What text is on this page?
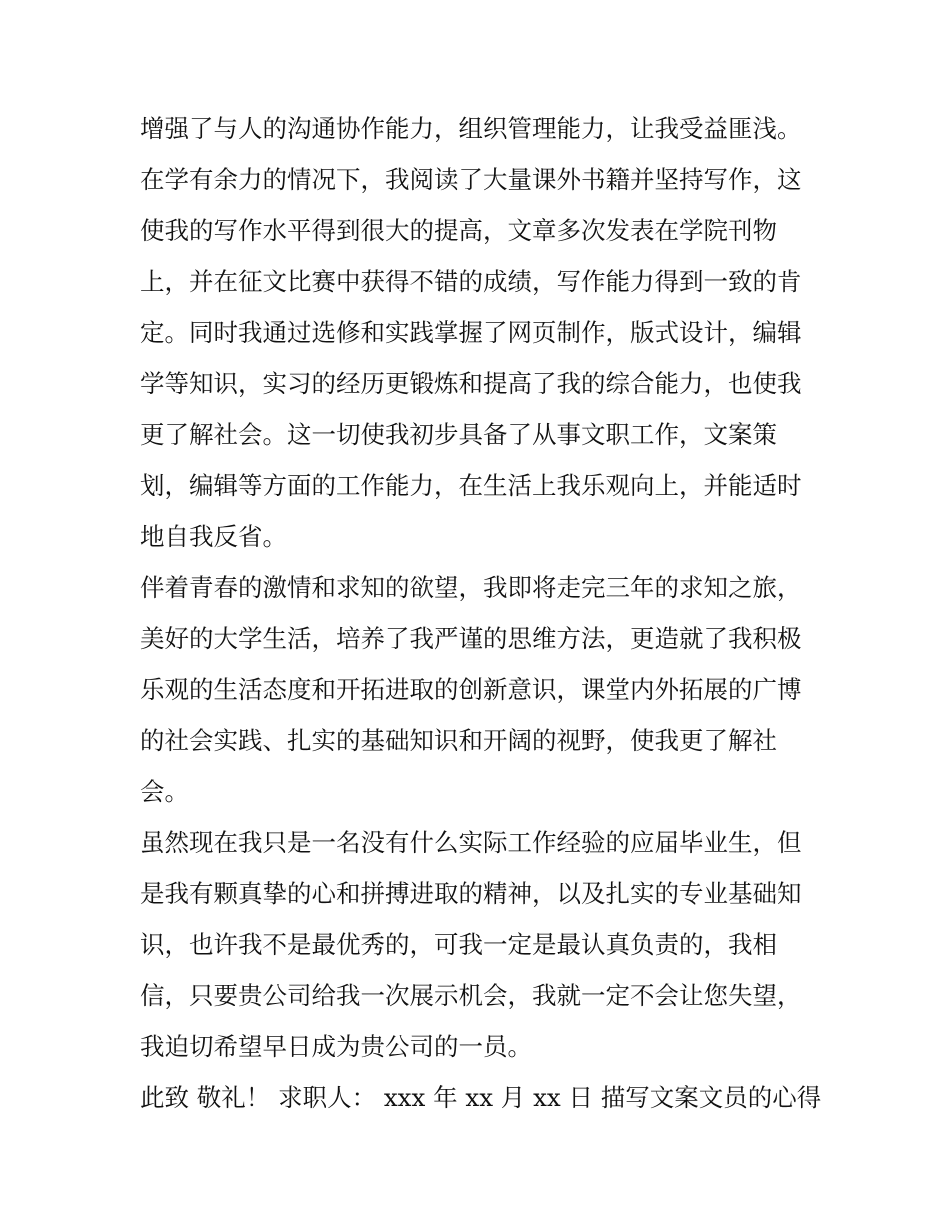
增强了与人的沟通协作能力，组织管理能力，让我受益匪浅。
在学有余力的情况下，我阅读了大量课外书籍并坚持写作，这
使我的写作水平得到很大的提高，文章多次发表在学院刊物
上，并在征文比赛中获得不错的成绩，写作能力得到一致的肯
定。同时我通过选修和实践掌握了网页制作，版式设计，编辑
学等知识，实习的经历更锻炼和提高了我的综合能力，也使我
更了解社会。这一切使我初步具备了从事文职工作，文案策
划，编辑等方面的工作能力，在生活上我乐观向上，并能适时
地自我反省。
伴着青春的激情和求知的欲望，我即将走完三年的求知之旅，
美好的大学生活，培养了我严谨的思维方法，更造就了我积极
乐观的生活态度和开拓进取的创新意识，课堂内外拓展的广博
的社会实践、扎实的基础知识和开阔的视野，使我更了解社
会。
虽然现在我只是一名没有什么实际工作经验的应届毕业生，但
是我有颗真挚的心和拼搏进取的精神，以及扎实的专业基础知
识，也许我不是最优秀的，可我一定是最认真负责的，我相
信，只要贵公司给我一次展示机会，我就一定不会让您失望，
我迫切希望早日成为贵公司的一员。
此致 敬礼！ 求职人： xxx 年 xx 月 xx 日 描写文案文员的心得
